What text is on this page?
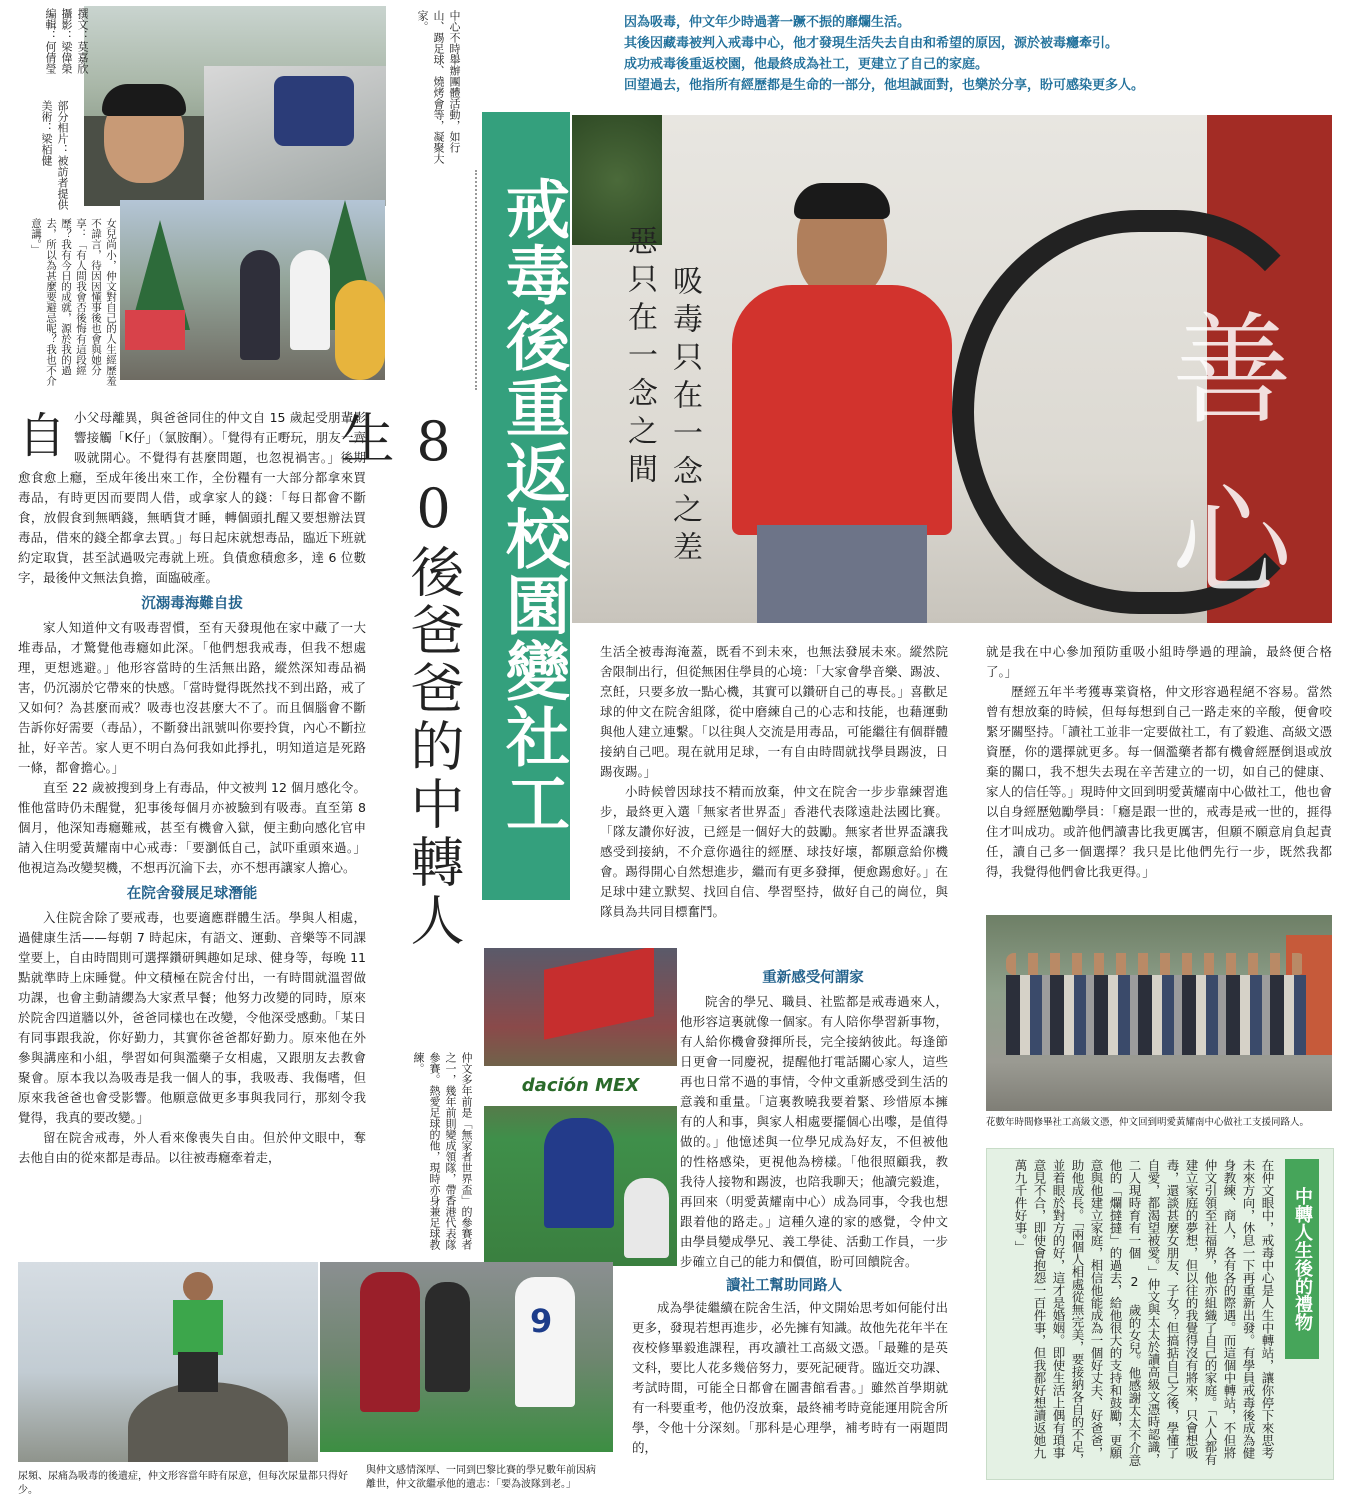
因為吸毒，仲文年少時過著一蹶不振的靡爛生活。
其後因藏毒被判入戒毒中心，他才發現生活失去自由和希望的原因，源於被毒癮牽引。
成功戒毒後重返校園，他最終成為社工，更建立了自己的家庭。
回望過去，他指所有經歷都是生命的一部分，他坦誠面對，也樂於分享，盼可感染更多人。
撰文：莫嘉欣
攝影：梁偉榮
編輯：何倩瑩
部分相片：被訪者提供
美術：梁栢健	中心不時舉辦團體活動，如行山、踢足球、燒烤會等，凝聚大家。
女兒尚小，仲文對自己的人生經歷羞不諱言，待因因懂事後也會與她分享：「有人問我會否後悔有這段經歷？我有今日的成就，源於我的過去，所以為甚麼要避忌呢？我也不介意講。」	戒毒後重返校園變社工
80後爸爸的中轉人生	吸毒只在一念之差
惡只在一念之間	善心
自 小父母離異，與爸爸同住的仲文自 15 歲起受朋輩影響接觸「K仔」（氯胺酮）。「覺得有正嘢玩，朋友一齊吸就開心。不覺得有甚麼問題，也忽視禍害。」後期愈食愈上癮，至成年後出來工作，全份糧有一大部分都拿來買毒品，有時更因而要問人借，或拿家人的錢：「每日都會不斷食，放假食到無晒錢，無晒貨才睡，轉個頭扎醒又要想辦法買毒品，借來的錢全都拿去買。」每日起床就想毒品，臨近下班就約定取貨，甚至試過吸完毒就上班。負債愈積愈多，達 6 位數字，最後仲文無法負擔，面臨破產。

沉溺毒海難自拔

家人知道仲文有吸毒習慣，至有天發現他在家中藏了一大堆毒品，才驚覺他毒癮如此深。「他們想我戒毒，但我不想處理，更想逃避。」他形容當時的生活無出路，縱然深知毒品禍害，仍沉溺於它帶來的快感。「當時覺得既然找不到出路，戒了又如何？為甚麼而戒？吸毒也沒甚麼大不了。而且個腦會不斷告訴你好需要（毒品），不斷發出訊號叫你要拎貨，內心不斷拉扯，好辛苦。家人更不明白為何我如此掙扎，明知道這是死路一條，都會擔心。」

直至 22 歲被搜到身上有毒品，仲文被判 12 個月感化令。惟他當時仍未醒覺，犯事後每個月亦被驗到有吸毒。直至第 8 個月，他深知毒癮難戒，甚至有機會入獄，便主動向感化官申請入住明愛黃耀南中心戒毒：「要瀏低自己，試吓重頭來過。」他視這為改變契機，不想再沉淪下去，亦不想再讓家人擔心。

在院舍發展足球潛能

入住院舍除了要戒毒，也要適應群體生活。學與人相處，過健康生活——每朝 7 時起床，有語文、運動、音樂等不同課堂要上，自由時間則可選擇鑽研興趣如足球、健身等，每晚 11 點就準時上床睡覺。仲文積極在院舍付出，一有時間就溫習做功課，也會主動請纓為大家煮早餐；他努力改變的同時，原來於院舍四道牆以外，爸爸同樣也在改變，令他深受感動。「某日有同事跟我說，你好勤力，其實你爸爸都好勤力。原來他在外參與講座和小組，學習如何與濫藥子女相處，又跟朋友去教會聚會。原本我以為吸毒是我一個人的事，我吸毒、我傷嗜，但原來我爸爸也會受影響。他願意做更多事與我同行，那刻令我覺得，我真的要改變。」

留在院舍戒毒，外人看來像喪失自由。但於仲文眼中，奪去他自由的從來都是毒品。以往被毒癮牽着走，

尿頻、尿痛為吸毒的後遺症，仲文形容當年時有尿意，但每次尿量都只得好少。
dación MEX
仲文多年前是「無家者世界盃」的參賽者之一，幾年前則變成領隊，帶香港代表隊參賽。熱愛足球的他，現時亦身兼足球教練。
9
與仲文感情深厚、一同到巴黎比賽的學兄數年前因病離世，仲文欲繼承他的遺志：「要為波隊到老。」

生活全被毒海淹蓋，既看不到未來，也無法發展未來。縱然院舍限制出行，但從無困住學員的心境：「大家會學音樂、踢波、烹飪，只要多放一點心機，其實可以鑽研自己的專長。」喜歡足球的仲文在院舍組隊，從中磨練自己的心志和技能，也藉運動與他人建立連繫。「以往與人交流是用毒品，可能繼往有個群體接納自己吧。現在就用足球，一有自由時間就找學員踢波，日踢夜踢。」

小時候曾因球技不精而放棄，仲文在院舍一步步靠練習進步，最終更入選「無家者世界盃」香港代表隊遠赴法國比賽。「隊友讚你好波，已經是一個好大的鼓勵。無家者世界盃讓我感受到接納，不介意你過往的經歷、球技好壞，都願意給你機會。踢得開心自然想進步，繼而有更多發揮，便愈踢愈好。」在足球中建立默契、找回自信、學習堅持，做好自己的崗位，與隊員為共同目標奮鬥。

重新感受何謂家

院舍的學兄、職員、社監都是戒毒過來人，他形容這裏就像一個家。有人陪你學習新事物，有人給你機會發揮所長，完全接納彼此。每逢節日更會一同慶祝，提醒他打電話關心家人，這些再也日常不過的事情，令仲文重新感受到生活的意義和重量。「這裏教曉我要着緊、珍惜原本擁有的人和事，與家人相處要擺個心出嚟，是值得做的。」他憶述與一位學兄成為好友，不但被他的性格感染，更視他為榜樣。「他很照顧我，教我待人接物和踢波，也陪我聊天；他讀完毅進，再回來（明愛黃耀南中心）成為同事，令我也想跟着他的路走。」這種久違的家的感覺，令仲文由學員變成學兄、義工學徒、活動工作員，一步步確立自己的能力和價值，盼可回饋院舍。

讀社工幫助同路人

成為學徒繼續在院舍生活，仲文開始思考如何能付出更多，發現若想再進步，必先擁有知識。故他先花年半在夜校修畢毅進課程，再攻讀社工高級文憑。「最難的是英文科，要比人花多幾倍努力，要死記硬背。臨近交功課、考試時間，可能全日都會在圖書館看書。」雖然首學期就有一科要重考，他仍沒放棄，最終補考時竟能運用院舍所學，令他十分深刻。「那科是心理學，補考時有一兩題問的，

就是我在中心參加預防重吸小組時學過的理論，最終便合格了。」

歷經五年半考獲專業資格，仲文形容過程絕不容易。當然曾有想放棄的時候，但每每想到自己一路走來的辛酸，便會咬緊牙關堅持。「讀社工並非一定要做社工，有了毅進、高級文憑資歷，你的選擇就更多。每一個濫藥者都有機會經歷倒退或放棄的關口，我不想失去現在辛苦建立的一切，如自己的健康、家人的信任等。」現時仲文回到明愛黃耀南中心做社工，他也會以自身經歷勉勵學員：「癮是跟一世的，戒毒是戒一世的，捱得住才叫成功。或許他們讀書比我更厲害，但願不願意肩負起責任，讀自己多一個選擇？我只是比他們先行一步，既然我都得，我覺得他們會比我更得。」

花數年時間修畢社工高級文憑，仲文回到明愛黃耀南中心做社工支援同路人。
中轉人生後的禮物
在仲文眼中，戒毒中心是人生中轉站，讓你停下來思考未來方向，休息一下再重新出發。有學員戒毒後成為健身教練、商人，各有各的際遇。而這個中轉站，不但將仲文引領至社福界，他亦組織了自己的家庭。「人人都有建立家庭的夢想，但以往的我覺得沒有將來，只會想吸毒，還談甚麼女朋友、子女？但搞掂自己之後，學懂了自愛，都渴望被愛。」仲文與太太於讀高級文憑時認識，二人現時育有一個 2 歲的女兒。他感謝太太不介意他的「爛撻撻」的過去，給他很大的支持和鼓勵，更願意與他建立家庭，相信他能成為一個好丈夫、好爸爸，助他成長。「兩個人相處從無完美，要接納各自的不足，並着眼於對方的好，這才是婚姻。即使生活上偶有瑣事意見不合，即使會抱怨一百件事，但我都好想讀返她九萬九千件好事。」
